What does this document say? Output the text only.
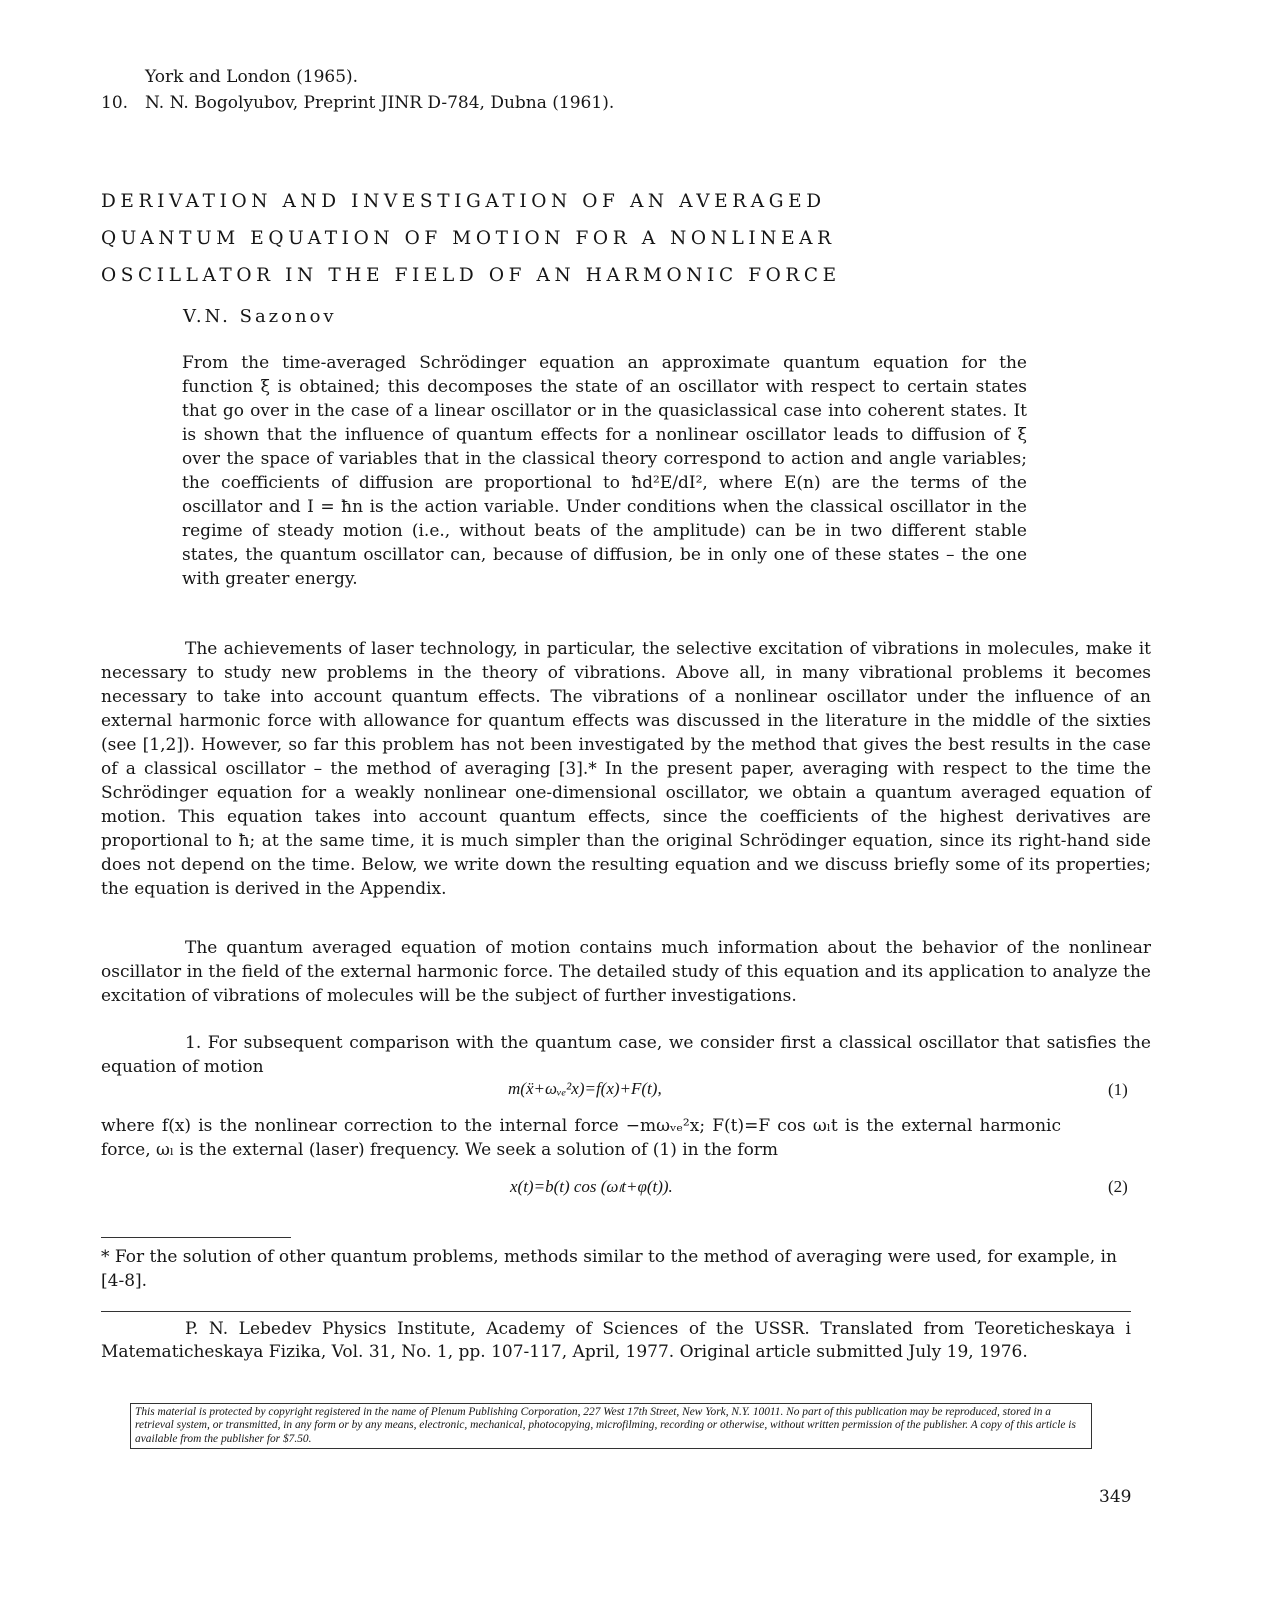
York and London (1965).
10. N. N. Bogolyubov, Preprint JINR D-784, Dubna (1961).
DERIVATION AND INVESTIGATION OF AN AVERAGED
QUANTUM EQUATION OF MOTION FOR A NONLINEAR
OSCILLATOR IN THE FIELD OF AN HARMONIC FORCE
V.N. Sazonov

From the time-averaged Schrödinger equation an approximate quantum equation for the function ξ is obtained; this decomposes the state of an oscillator with respect to certain states that go over in the case of a linear oscillator or in the quasiclassical case into coherent states. It is shown that the influence of quantum effects for a nonlinear oscillator leads to diffusion of ξ over the space of variables that in the classical theory correspond to action and angle variables; the coefficients of diffusion are proportional to ħd²E/dI², where E(n) are the terms of the oscillator and I = ħn is the action variable. Under conditions when the classical oscillator in the regime of steady motion (i.e., without beats of the amplitude) can be in two different stable states, the quantum oscillator can, because of diffusion, be in only one of these states – the one with greater energy.

The achievements of laser technology, in particular, the selective excitation of vibrations in molecules, make it necessary to study new problems in the theory of vibrations. Above all, in many vibrational problems it becomes necessary to take into account quantum effects. The vibrations of a nonlinear oscillator under the influence of an external harmonic force with allowance for quantum effects was discussed in the literature in the middle of the sixties (see [1,2]). However, so far this problem has not been investigated by the method that gives the best results in the case of a classical oscillator – the method of averaging [3].* In the present paper, averaging with respect to the time the Schrödinger equation for a weakly nonlinear one-dimensional oscillator, we obtain a quantum averaged equation of motion. This equation takes into account quantum effects, since the coefficients of the highest derivatives are proportional to ħ; at the same time, it is much simpler than the original Schrödinger equation, since its right-hand side does not depend on the time. Below, we write down the resulting equation and we discuss briefly some of its properties; the equation is derived in the Appendix.

The quantum averaged equation of motion contains much information about the behavior of the nonlinear oscillator in the field of the external harmonic force. The detailed study of this equation and its application to analyze the excitation of vibrations of molecules will be the subject of further investigations.

1. For subsequent comparison with the quantum case, we consider first a classical oscillator that satisfies the equation of motion

m(ẍ+ωᵥₑ²x)=f(x)+F(t),	(1)

where f(x) is the nonlinear correction to the internal force −mωᵥₑ²x; F(t)=F cos ωₗt is the external harmonic force, ωₗ is the external (laser) frequency. We seek a solution of (1) in the form

x(t)=b(t) cos (ωₗt+φ(t)).	(2)

* For the solution of other quantum problems, methods similar to the method of averaging were used, for example, in [4-8].

P. N. Lebedev Physics Institute, Academy of Sciences of the USSR. Translated from Teoreticheskaya i Matematicheskaya Fizika, Vol. 31, No. 1, pp. 107-117, April, 1977. Original article submitted July 19, 1976.

This material is protected by copyright registered in the name of Plenum Publishing Corporation, 227 West 17th Street, New York, N.Y. 10011. No part of this publication may be reproduced, stored in a retrieval system, or transmitted, in any form or by any means, electronic, mechanical, photocopying, microfilming, recording or otherwise, without written permission of the publisher. A copy of this article is available from the publisher for $7.50.

349
